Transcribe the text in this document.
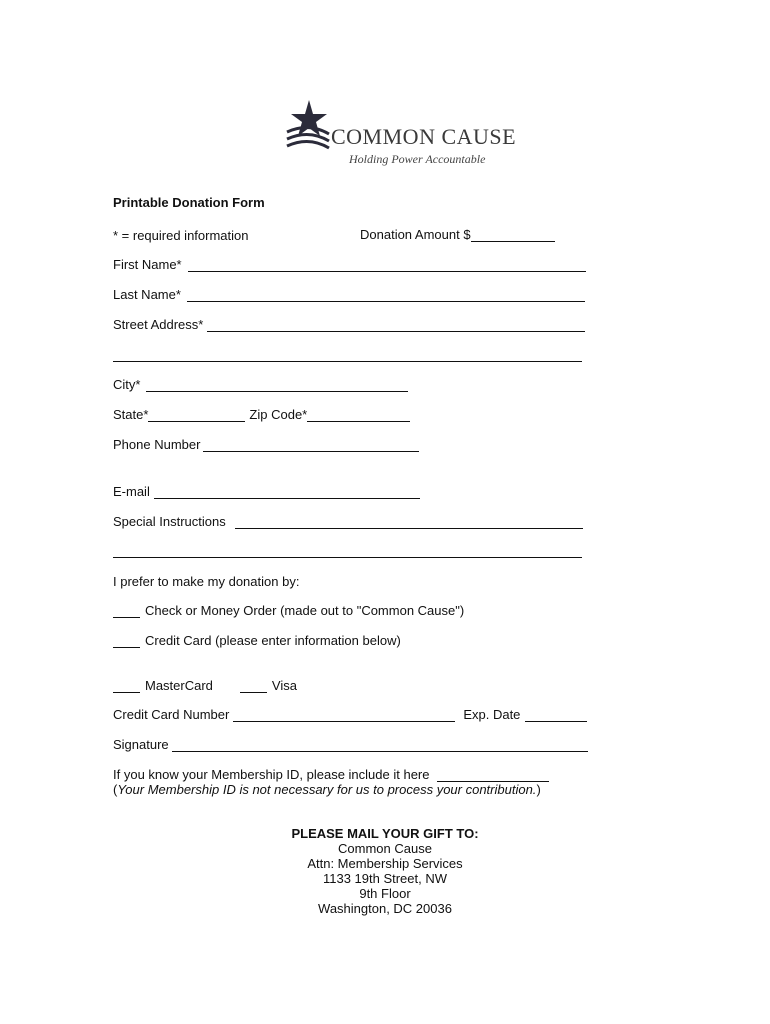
COMMON CAUSE
Holding Power Accountable
Printable Donation Form
* = required information	Donation Amount $
First Name*
Last Name*
Street Address*
City*
State*	Zip Code*
Phone Number
E-mail
Special Instructions
I prefer to make my donation by:
Check or Money Order (made out to "Common Cause")
Credit Card (please enter information below)
MasterCard	Visa
Credit Card Number	Exp. Date
Signature
If you know your Membership ID, please include it here
(Your Membership ID is not necessary for us to process your contribution.)
PLEASE MAIL YOUR GIFT TO:
Common Cause
Attn: Membership Services
1133 19th Street, NW
9th Floor
Washington, DC 20036
